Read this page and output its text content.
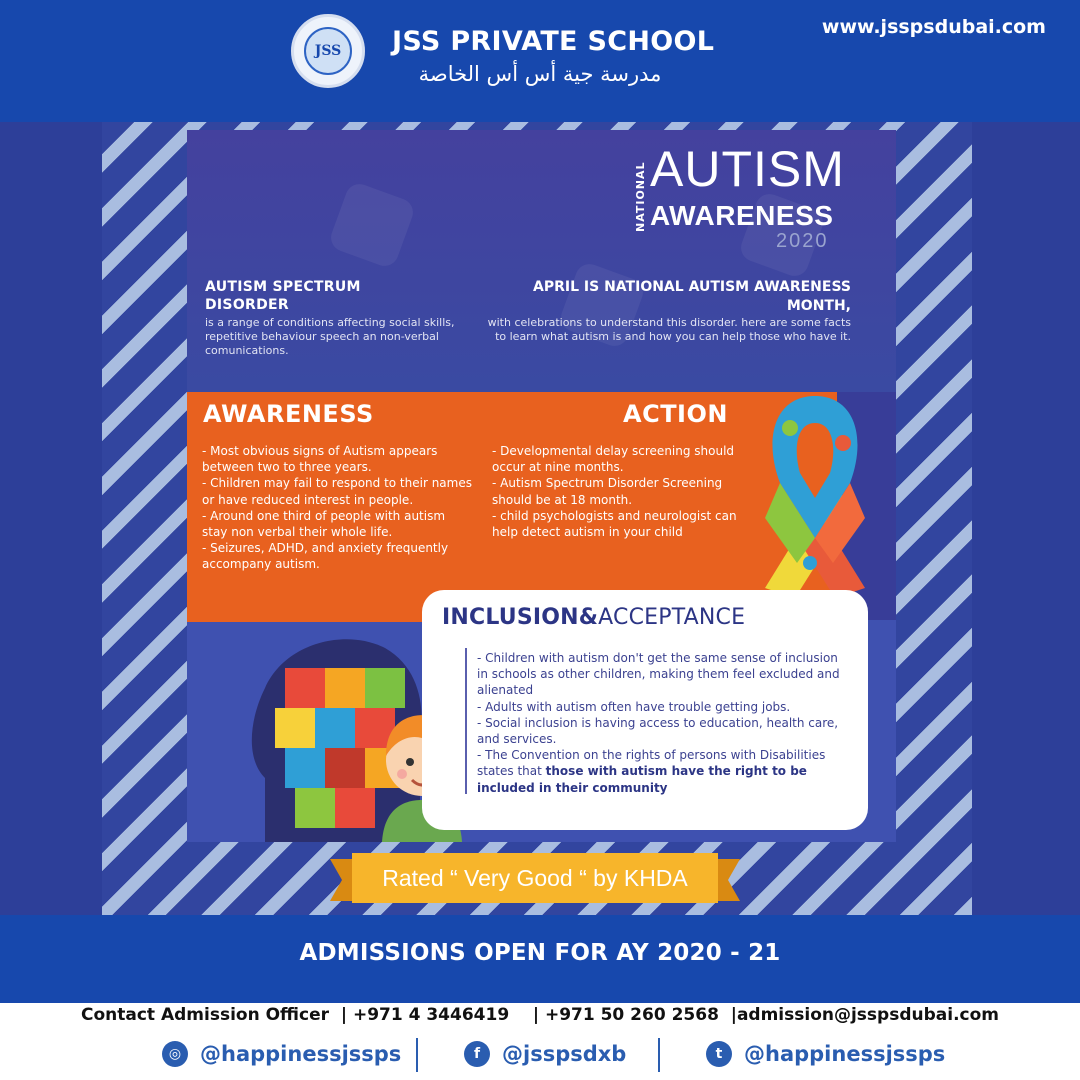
JSS	JSS PRIVATE SCHOOL
مدرسة جية أس أس الخاصة
www.jsspsdubai.com
NATIONAL AUTISM
AWARENESS
2020
AUTISM SPECTRUM DISORDER
is a range of conditions affecting social skills, repetitive behaviour speech an non-verbal comunications.
APRIL IS NATIONAL AUTISM AWARENESS MONTH,
with celebrations to understand this disorder. here are some facts to learn what autism is and how you can help those who have it.
AWARENESS	ACTION
- Most obvious signs of Autism appears between two to three years.
- Children may fail to respond to their names or have reduced interest in people.
- Around one third of people with autism stay non verbal their whole life.
- Seizures, ADHD, and anxiety frequently accompany autism.
- Developmental delay screening should occur at nine months.
- Autism Spectrum Disorder Screening should be at 18 month.
- child psychologists and neurologist can help detect autism in your child
INCLUSION&ACCEPTANCE
- Children with autism don't get the same sense of inclusion in schools as other children, making them feel excluded and alienated
- Adults with autism often have trouble getting jobs.
- Social inclusion is having access to education, health care, and services.
- The Convention on the rights of persons with Disabilities states that those with autism have the right to be included in their community
Rated “ Very Good “ by KHDA
ADMISSIONS OPEN FOR AY 2020 - 21
Contact Admission Officer  | +971 4 3446419    | +971 50 260 2568  |admission@jsspsdubai.com
◎ @happinessjssps	f	@jsspsdxb	t	@happinessjssps
